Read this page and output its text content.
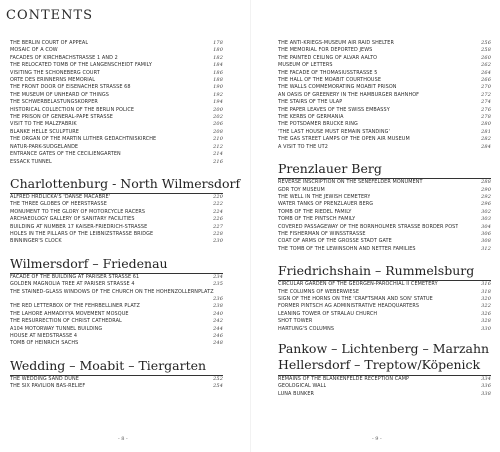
CONTENTS
THE BERLIN COURT OF APPEAL	178
MOSAIC OF A COW	180
FACADES OF KIRCHBACHSTRASSE 1 AND 2	182
THE RELOCATED TOMB OF THE LANGENSCHEIDT FAMILY	184
VISITING THE SCHÖNEBERG COURT	186
ORTE DES ERINNERNS MEMORIAL	188
THE FRONT DOOR OF EISENACHER STRASSE 68	190
THE MUSEUM OF UNHEARD OF THINGS	192
THE SCHWERBELASTUNGSKÖRPER	194
HISTORICAL COLLECTION OF THE BERLIN POLICE	200
THE PRISON OF GENERAL-PAPE STRASSE	202
VISIT TO THE MALZFABRIK	206
BLANKE HELLE SCULPTURE	208
THE ORGAN OF THE MARTIN LUTHER GEDÄCHTNISKIRCHE	210
NATUR-PARK-SÜDGELÄNDE	212
ENTRANCE GATES OF THE CECILIENGARTEN	214
ESSACK TUNNEL	216
Charlottenburg - North Wilmersdorf
ALFRED HRDLICKA'S 'DANSE MACABRE'	220
THE THREE GLOBES OF HEERSTRASSE	222
MONUMENT TO THE GLORY OF MOTORCYCLE RACERS	224
ARCHAEOLOGY GALLERY OF SANITARY FACILITIES	226
BUILDING AT NUMBER 17 KAISER-FRIEDRICH-STRASSE	227
HOLES IN THE PILLARS OF THE LEIBNIZSTRASSE BRIDGE	228
BINNINGER'S CLOCK	230
Wilmersdorf – Friedenau
FACADE OF THE BUILDING AT PARISER STRASSE 61	234
GOLDEN MAGNOLIA TREE AT PARISER STRASSE 4	235
THE STAINED-GLASS WINDOWS OF THE CHURCH ON THE HOHENZOLLERNPLATZ
236
THE RED LETTERBOX OF THE FEHRBELLINER PLATZ	238
THE LAHORE AHMADIYYA MOVEMENT MOSQUE	240
THE RESURRECTION OF CHRIST CATHEDRAL	242
A104 MOTORWAY TUNNEL BUILDING	244
HOUSE AT NIEDSTRASSE 4	246
TOMB OF HEINRICH SACHS	248
Wedding – Moabit – Tiergarten
THE WEDDING SAND DUNE	252
THE SIX PAVILION BAS-RELIEF	254
THE ANTI-KRIEGS-MUSEUM AIR RAID SHELTER	256
THE MEMORIAL FOR DEPORTED JEWS	258
THE PAINTED CEILING OF ALVAR AALTO	260
MUSEUM OF LETTERS	262
THE FACADE OF THOMASIUSSTRASSE 5	264
THE HALL OF THE MOABIT COURTHOUSE	266
THE WALLS COMMEMORATING MOABIT PRISON	270
AN OASIS OF GREENERY IN THE HAMBURGER BAHNHOF	272
THE STAIRS OF THE ULAP	274
THE PAPER LEAVES OF THE SWISS EMBASSY	276
THE KERBS OF GERMANIA	278
THE POTSDAMER BRÜCKE RING	280
'THE LAST HOUSE MUST REMAIN STANDING'	281
THE GAS STREET LAMPS OF THE OPEN AIR MUSEUM	282
A VISIT TO THE UT2	284
Prenzlauer Berg
REVERSE INSCRIPTION ON THE SENEFELDER MONUMENT	288
GDR TOY MUSEUM	290
THE WELL IN THE JEWISH CEMETERY	292
WATER TANKS OF PRENZLAUER BERG	296
TOMB OF THE RIEDEL FAMILY	302
TOMB OF THE PINTSCH FAMILY	303
COVERED PASSAGEWAY OF THE BORNHOLMER STRASSE BORDER POST	304
THE FISHERMAN OF WINSSTRASSE	306
COAT OF ARMS OF THE GROSSE STADT GATE	308
THE TOMB OF THE LEWINSOHN AND NETTER FAMILIES	312
Friedrichshain – Rummelsburg
CIRCULAR GARDEN OF THE GEORGEN-PAROCHIAL II CEMETERY	316
THE COLUMNS OF WEBERWIESE	318
SIGN OF THE HORNS ON THE 'CRAFTSMAN AND SON' STATUE	320
FORMER PINTSCH AG ADMINISTRATIVE HEADQUARTERS	322
LEANING TOWER OF STRALAU CHURCH	326
SHOT TOWER	328
HARTUNG'S COLUMNS	330
Pankow – Lichtenberg – Marzahn
Hellersdorf – Treptow/Köpenick
REMAINS OF THE BLANKENFELDE RECEPTION CAMP	334
GEOLOGICAL WALL	336
LUNA BUNKER	338
- 8 -	- 9 -
